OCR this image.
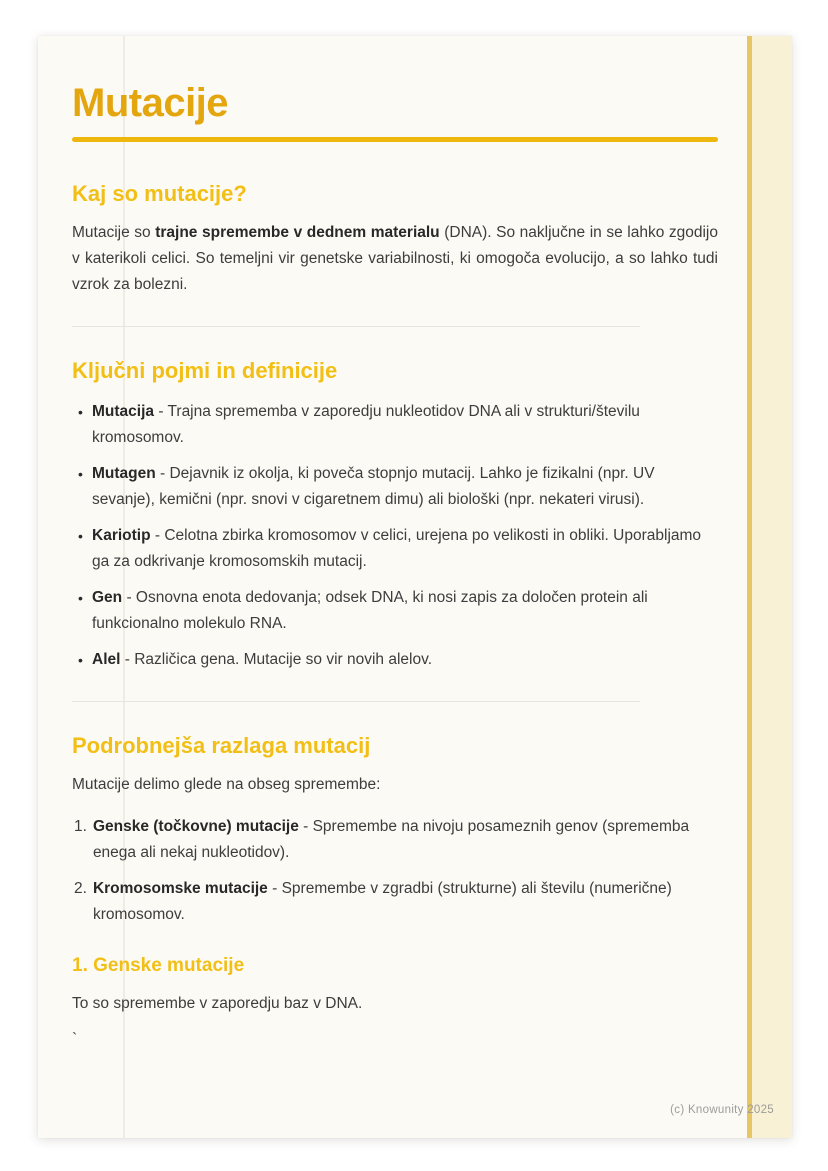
Mutacije
Kaj so mutacije?

Mutacije so trajne spremembe v dednem materialu (DNA). So naključne in se lahko zgodijo v katerikoli celici. So temeljni vir genetske variabilnosti, ki omogoča evolucijo, a so lahko tudi vzrok za bolezni.

Ključni pojmi in definicije
• Mutacija - Trajna sprememba v zaporedju nukleotidov DNA ali v strukturi/številu kromosomov.
• Mutagen - Dejavnik iz okolja, ki poveča stopnjo mutacij. Lahko je fizikalni (npr. UV sevanje), kemični (npr. snovi v cigaretnem dimu) ali biološki (npr. nekateri virusi).
• Kariotip - Celotna zbirka kromosomov v celici, urejena po velikosti in obliki. Uporabljamo ga za odkrivanje kromosomskih mutacij.
• Gen - Osnovna enota dedovanja; odsek DNA, ki nosi zapis za določen protein ali funkcionalno molekulo RNA.
• Alel - Različica gena. Mutacije so vir novih alelov.
Podrobnejša razlaga mutacij

Mutacije delimo glede na obseg spremembe:

1. Genske (točkovne) mutacije - Spremembe na nivoju posameznih genov (sprememba enega ali nekaj nukleotidov).
2. Kromosomske mutacije - Spremembe v zgradbi (strukturne) ali številu (numerične) kromosomov.
1. Genske mutacije

To so spremembe v zaporedju baz v DNA.

`

(c) Knowunity 2025
